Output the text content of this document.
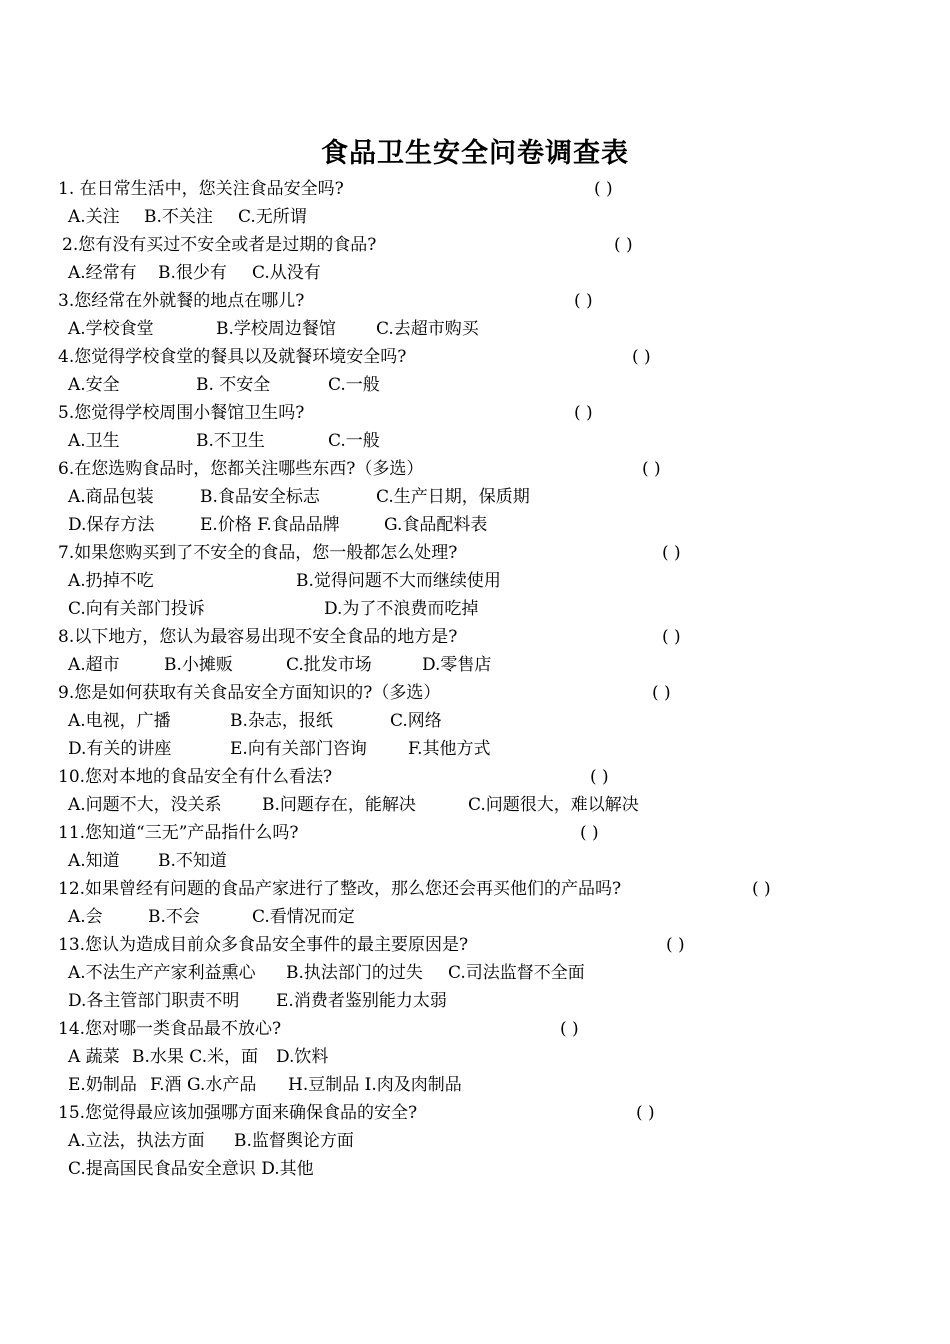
食品卫生安全问卷调查表
1. 在日常生活中，您关注食品安全吗?	( )
A.关注 B.不关注 C.无所谓
2.您有没有买过不安全或者是过期的食品?	( )
A.经常有 B.很少有 C.从没有
3.您经常在外就餐的地点在哪儿?	( )
A.学校食堂	B.学校周边餐馆 C.去超市购买
4.您觉得学校食堂的餐具以及就餐环境安全吗?	( )
A.安全	B. 不安全	C.一般
5.您觉得学校周围小餐馆卫生吗?	( )
A.卫生	B.不卫生	C.一般
6.在您选购食品时，您都关注哪些东西?（多选）	( )
A.商品包装	B.食品安全标志	C.生产日期，保质期
D.保存方法	E.价格 F.食品品牌	G.食品配料表
7.如果您购买到了不安全的食品，您一般都怎么处理?	( )
A.扔掉不吃	B.觉得问题不大而继续使用
C.向有关部门投诉	D.为了不浪费而吃掉
8.以下地方，您认为最容易出现不安全食品的地方是?	( )
A.超市	B.小摊贩	C.批发市场	D.零售店
9.您是如何获取有关食品安全方面知识的?（多选）	( )
A.电视，广播	B.杂志，报纸	C.网络
D.有关的讲座	E.向有关部门咨询 F.其他方式
10.您对本地的食品安全有什么看法?	( )
A.问题不大，没关系 B.问题存在，能解决	C.问题很大，难以解决
11.您知道“三无”产品指什么吗?	( )
A.知道 B.不知道
12.如果曾经有问题的食品产家进行了整改，那么您还会再买他们的产品吗?	( )
A.会	B.不会	C.看情况而定
13.您认为造成目前众多食品安全事件的最主要原因是?	( )
A.不法生产产家利益熏心 B.执法部门的过失 C.司法监督不全面
D.各主管部门职责不明 E.消费者鉴别能力太弱
14.您对哪一类食品最不放心?	( )
A 蔬菜 B.水果 C.米，面 D.饮料
E.奶制品 F.酒 G.水产品 H.豆制品 I.肉及肉制品
15.您觉得最应该加强哪方面来确保食品的安全?	( )
A.立法，执法方面 B.监督舆论方面
C.提高国民食品安全意识 D.其他
